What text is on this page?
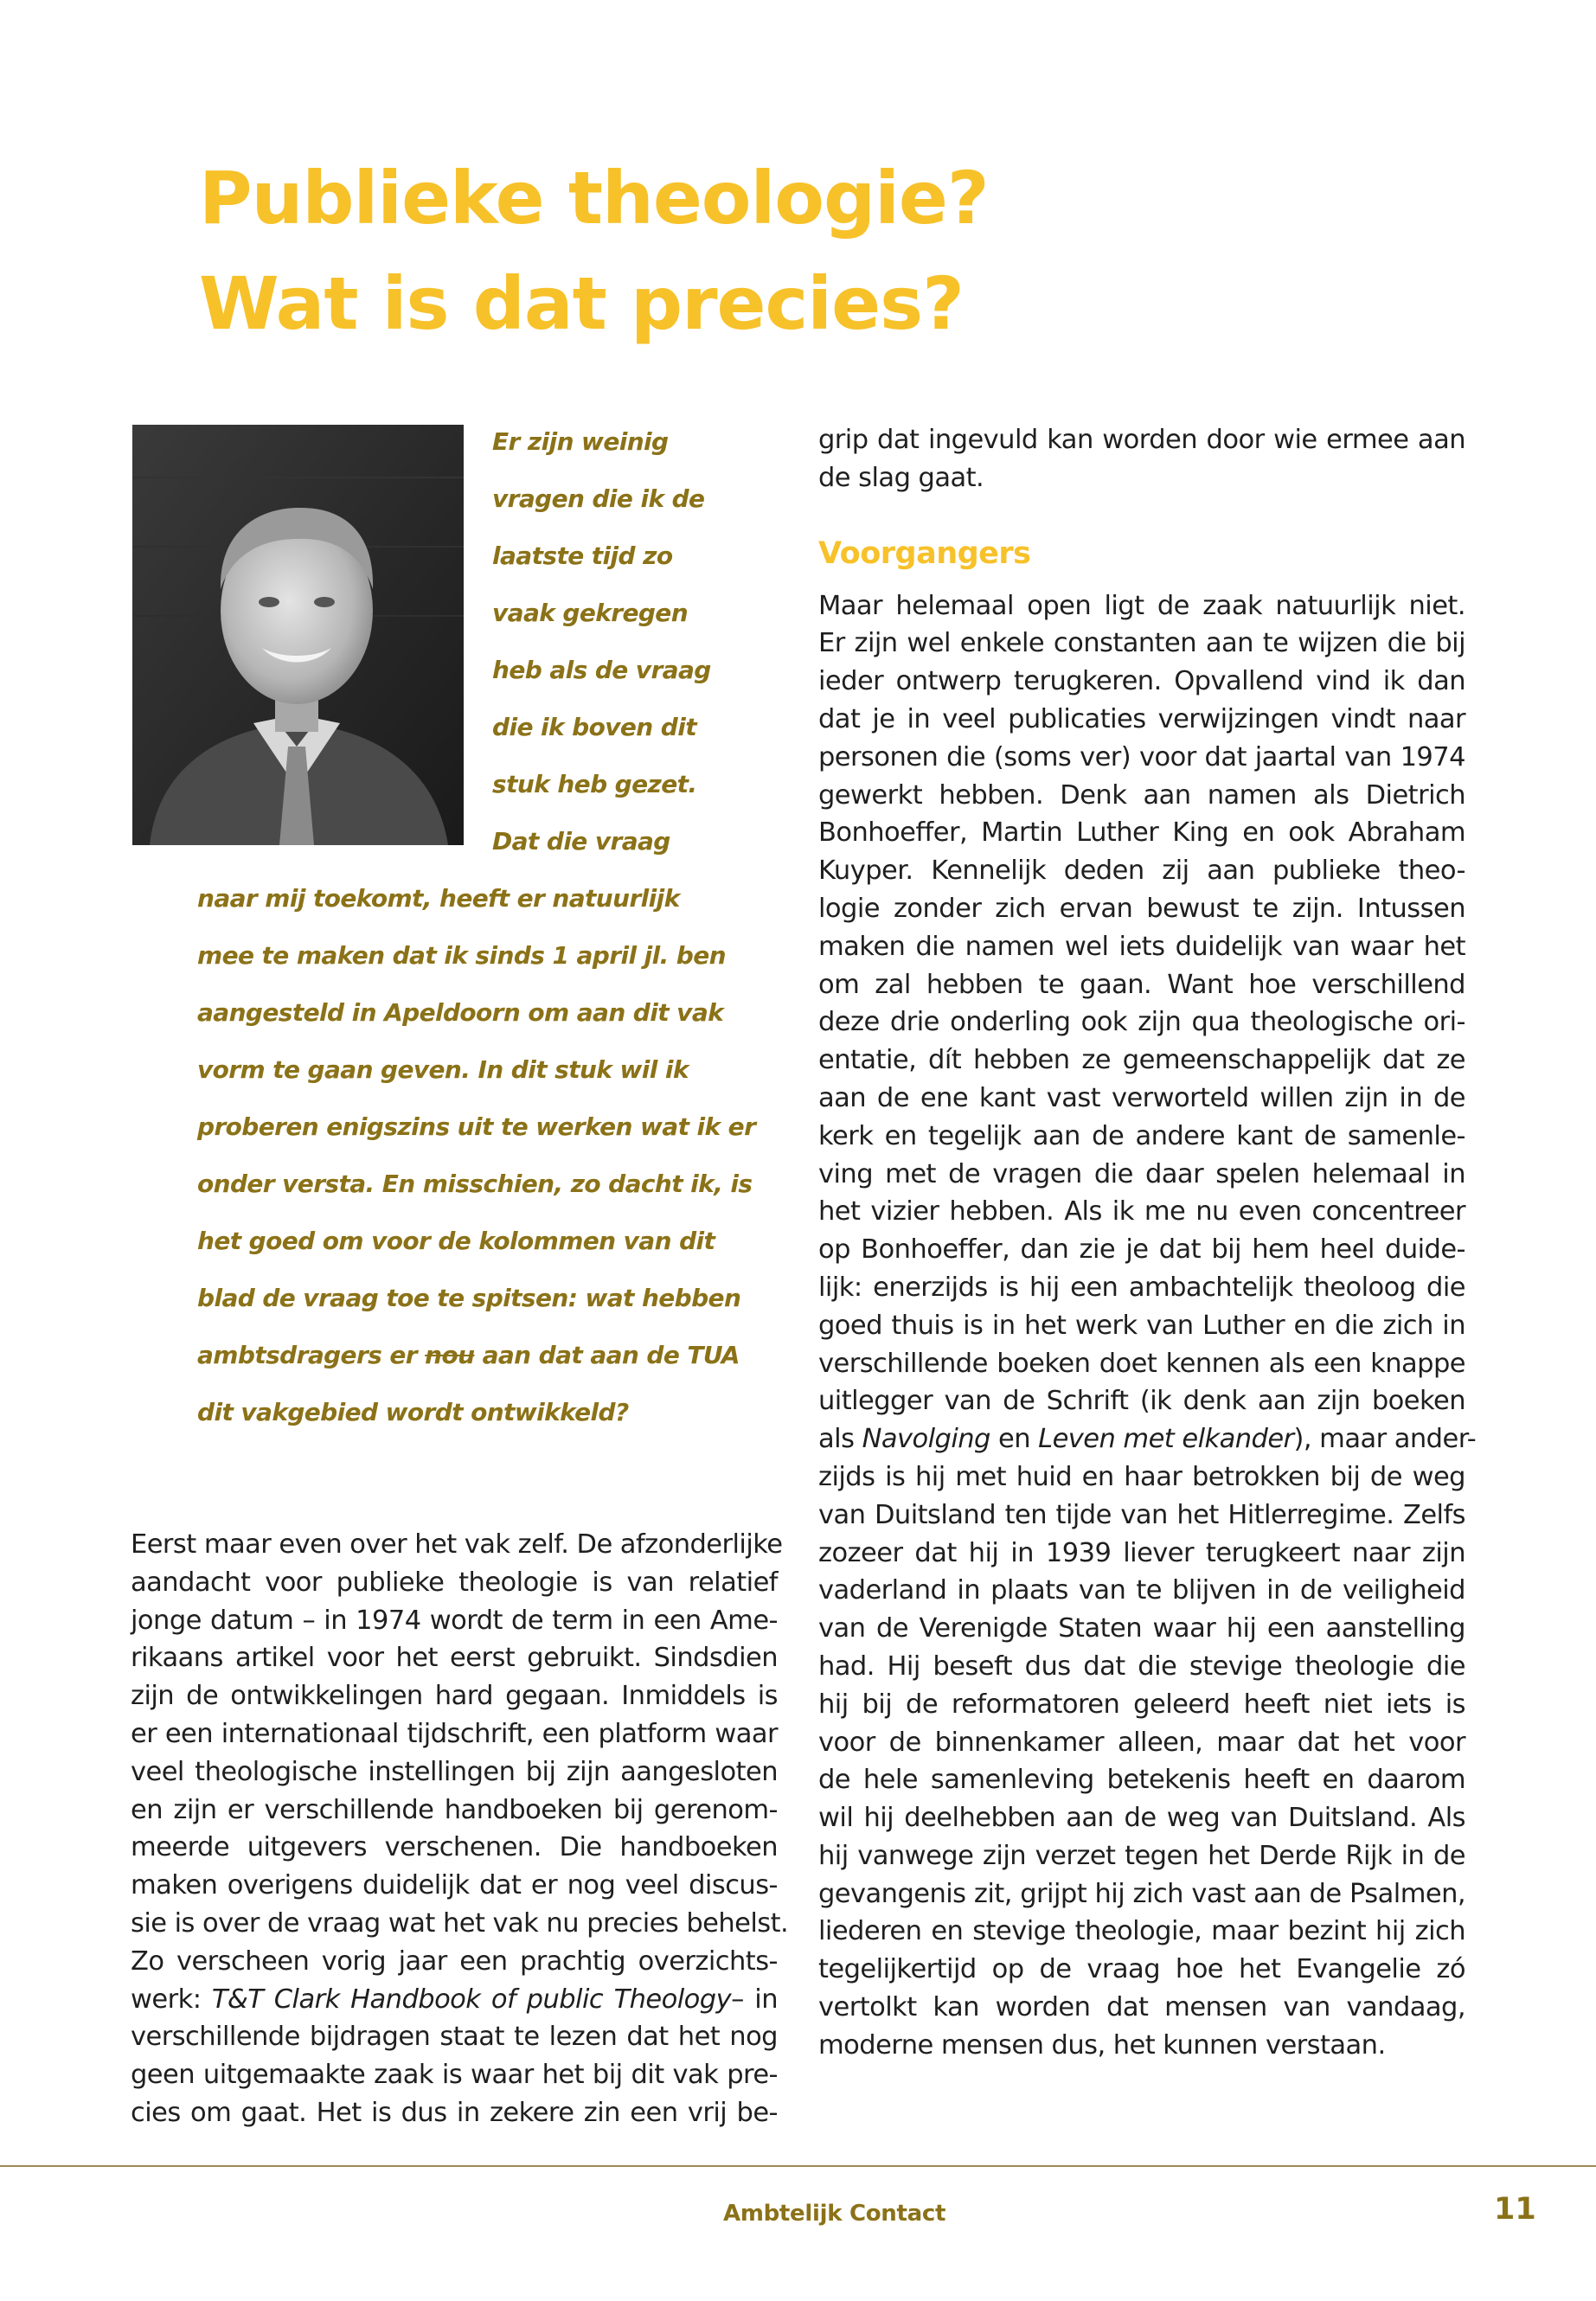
Publieke theologie?
Wat is dat precies?
Er zijn weinig
vragen die ik de
laatste tijd zo
vaak gekregen
heb als de vraag
die ik boven dit
stuk heb gezet.
Dat die vraag
naar mij toekomt, heeft er natuurlijk
mee te maken dat ik sinds 1 april jl. ben
aangesteld in Apeldoorn om aan dit vak
vorm te gaan geven. In dit stuk wil ik
proberen enigszins uit te werken wat ik er
onder versta. En misschien, zo dacht ik, is
het goed om voor de kolommen van dit
blad de vraag toe te spitsen: wat hebben
ambtsdragers er nou aan dat aan de TUA
dit vakgebied wordt ontwikkeld?
Eerst maar even over het vak zelf. De afzonderlijke
aandacht voor publieke theologie is van relatief
jonge datum – in 1974 wordt de term in een Ame-
rikaans artikel voor het eerst gebruikt. Sindsdien
zijn de ontwikkelingen hard gegaan. Inmiddels is
er een internationaal tijdschrift, een platform waar
veel theologische instellingen bij zijn aangesloten
en zijn er verschillende handboeken bij gerenom-
meerde uitgevers verschenen. Die handboeken
maken overigens duidelijk dat er nog veel discus-
sie is over de vraag wat het vak nu precies behelst.
Zo verscheen vorig jaar een prachtig overzichts-
werk: T&T Clark Handbook of public Theology– in
verschillende bijdragen staat te lezen dat het nog
geen uitgemaakte zaak is waar het bij dit vak pre-
cies om gaat. Het is dus in zekere zin een vrij be-
grip dat ingevuld kan worden door wie ermee aan
de slag gaat.
Voorgangers
Maar helemaal open ligt de zaak natuurlijk niet.
Er zijn wel enkele constanten aan te wijzen die bij
ieder ontwerp terugkeren. Opvallend vind ik dan
dat je in veel publicaties verwijzingen vindt naar
personen die (soms ver) voor dat jaartal van 1974
gewerkt hebben. Denk aan namen als Dietrich
Bonhoeffer, Martin Luther King en ook Abraham
Kuyper. Kennelijk deden zij aan publieke theo-
logie zonder zich ervan bewust te zijn. Intussen
maken die namen wel iets duidelijk van waar het
om zal hebben te gaan. Want hoe verschillend
deze drie onderling ook zijn qua theologische ori-
entatie, dít hebben ze gemeenschappelijk dat ze
aan de ene kant vast verworteld willen zijn in de
kerk en tegelijk aan de andere kant de samenle-
ving met de vragen die daar spelen helemaal in
het vizier hebben. Als ik me nu even concentreer
op Bonhoeffer, dan zie je dat bij hem heel duide-
lijk: enerzijds is hij een ambachtelijk theoloog die
goed thuis is in het werk van Luther en die zich in
verschillende boeken doet kennen als een knappe
uitlegger van de Schrift (ik denk aan zijn boeken
als Navolging en Leven met elkander), maar ander-
zijds is hij met huid en haar betrokken bij de weg
van Duitsland ten tijde van het Hitlerregime. Zelfs
zozeer dat hij in 1939 liever terugkeert naar zijn
vaderland in plaats van te blijven in de veiligheid
van de Verenigde Staten waar hij een aanstelling
had. Hij beseft dus dat die stevige theologie die
hij bij de reformatoren geleerd heeft niet iets is
voor de binnenkamer alleen, maar dat het voor
de hele samenleving betekenis heeft en daarom
wil hij deelhebben aan de weg van Duitsland. Als
hij vanwege zijn verzet tegen het Derde Rijk in de
gevangenis zit, grijpt hij zich vast aan de Psalmen,
liederen en stevige theologie, maar bezint hij zich
tegelijkertijd op de vraag hoe het Evangelie zó
vertolkt kan worden dat mensen van vandaag,
moderne mensen dus, het kunnen verstaan.
Ambtelijk Contact	11
